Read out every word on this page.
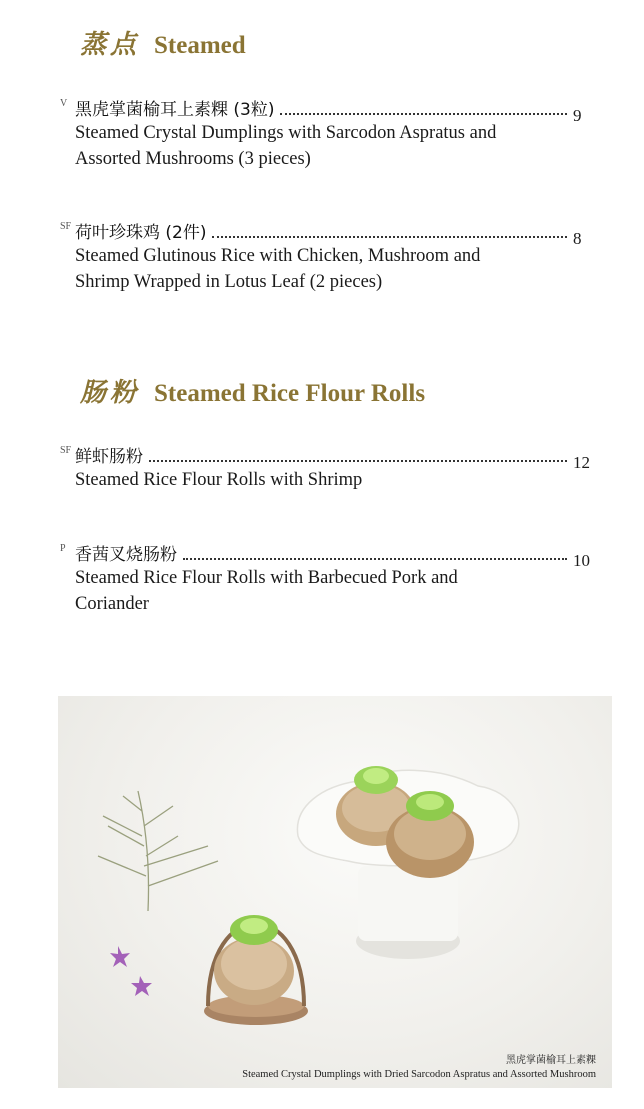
蒸点 Steamed
V 黑虎掌菌榆耳上素粿 (3粒)	9
Steamed Crystal Dumplings with Sarcodon Aspratus and Assorted Mushrooms (3 pieces)
SF 荷叶珍珠鸡 (2件)	8
Steamed Glutinous Rice with Chicken, Mushroom and Shrimp Wrapped in Lotus Leaf (2 pieces)
肠粉 Steamed Rice Flour Rolls
SF 鲜虾肠粉	12
Steamed Rice Flour Rolls with Shrimp
P 香茜叉烧肠粉	10
Steamed Rice Flour Rolls with Barbecued Pork and Coriander
黑虎掌菌榆耳上素粿
Steamed Crystal Dumplings with Dried Sarcodon Aspratus and Assorted Mushroom
